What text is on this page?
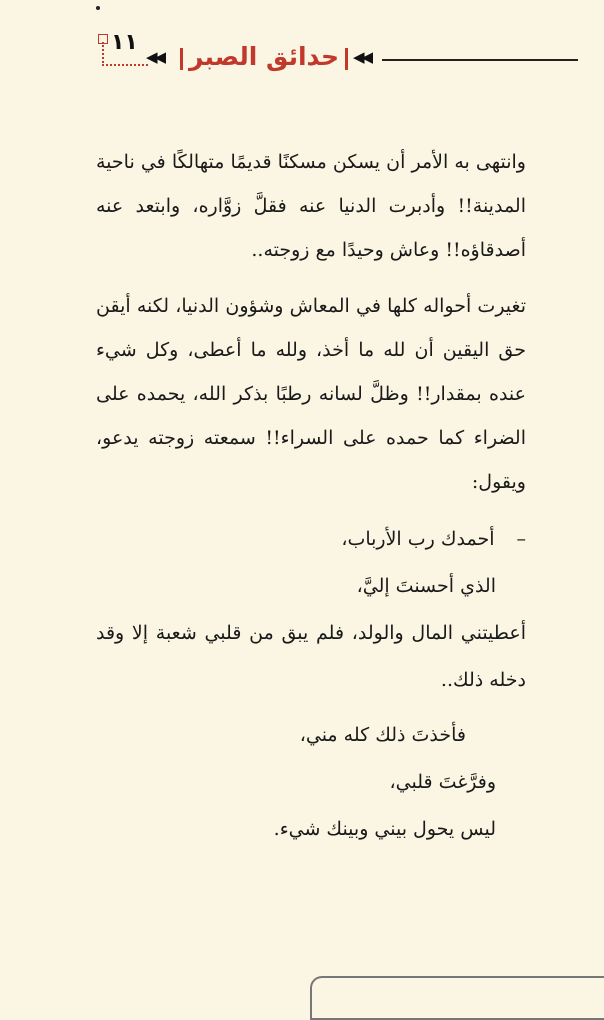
١١
◀◀ حدائق الصبر ◀◀

وانتهى به الأمر أن يسكن مسكنًا قديمًا متهالكًا في ناحية المدينة!! وأدبرت الدنيا عنه فقلَّ زوَّاره، وابتعد عنه أصدقاؤه!! وعاش وحيدًا مع زوجته..

تغيرت أحواله كلها في المعاش وشؤون الدنيا، لكنه أيقن حق اليقين أن لله ما أخذ، ولله ما أعطى، وكل شيء عنده بمقدار!! وظلَّ لسانه رطبًا بذكر الله، يحمده على الضراء كما حمده على السراء!! سمعته زوجته يدعو، ويقول:

–أحمدك رب الأرباب،

الذي أحسنتَ إليَّ،

أعطيتني المال والولد، فلم يبق من قلبي شعبة إلا وقد دخله ذلك..

فأخذتَ ذلك كله مني،

وفرَّغتَ قلبي،

ليس يحول بيني وبينك شيء.
